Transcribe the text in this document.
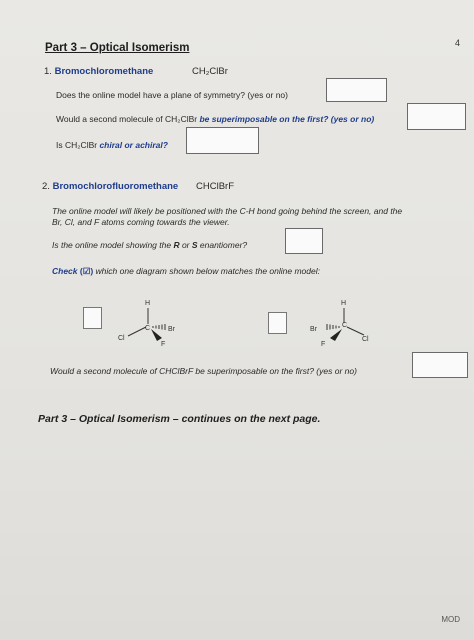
4
Part 3 – Optical Isomerism
1. Bromochloromethane	CH₂ClBr
Does the online model have a plane of symmetry? (yes or no)
Would a second molecule of CH₂ClBr be superimposable on the first? (yes or no)
Is CH₂ClBr chiral or achiral?
2. Bromochlorofluoromethane CHClBrF
The online model will likely be positioned with the C-H bond going behind the screen, and the
Br, Cl, and F atoms coming towards the viewer.
Is the online model showing the R or S enantiomer?
Check (☑) which one diagram shown below matches the online model:
H
C
Cl
Br
F
H
C
Br
Cl
F
Would a second molecule of CHClBrF be superimposable on the first? (yes or no)
Part 3 – Optical Isomerism – continues on the next page.
MOD
